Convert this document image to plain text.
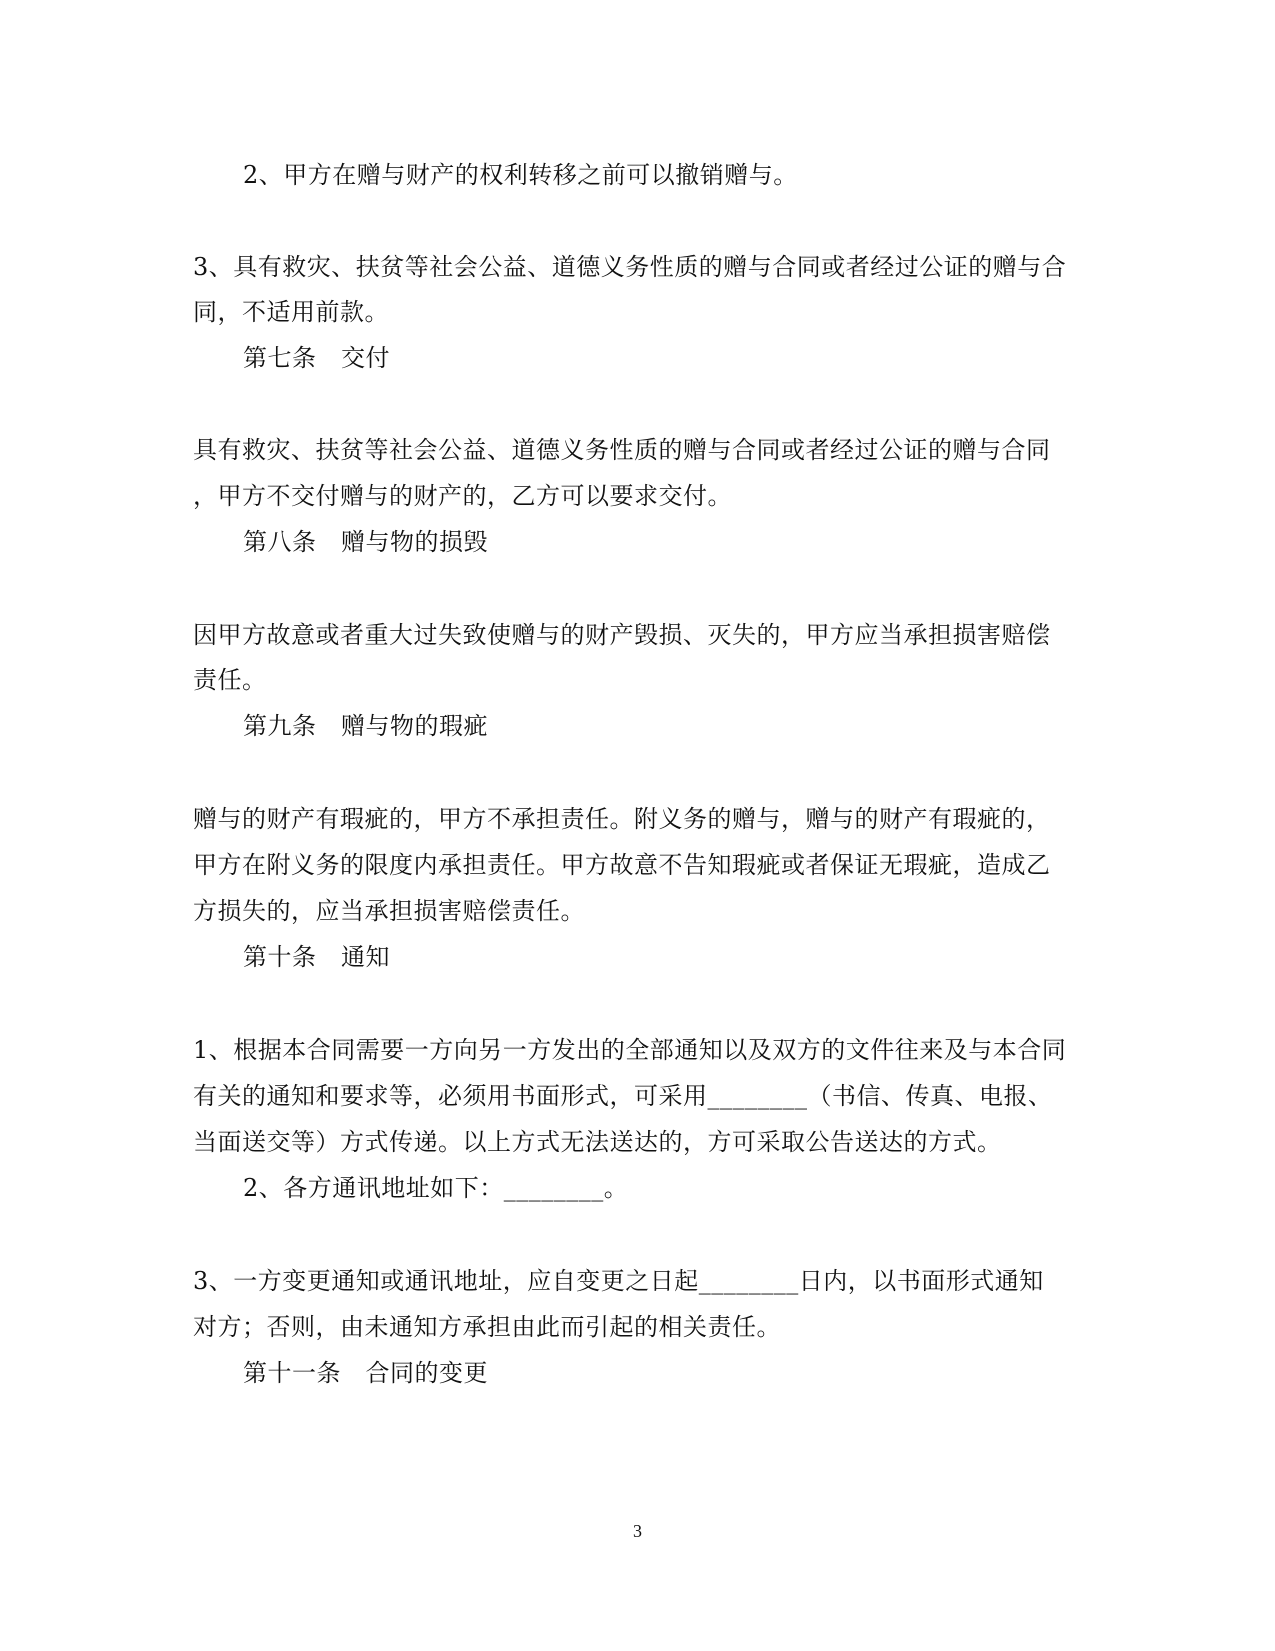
2、甲方在赠与财产的权利转移之前可以撤销赠与。
3、具有救灾、扶贫等社会公益、道德义务性质的赠与合同或者经过公证的赠与合
同，不适用前款。
第七条　交付
具有救灾、扶贫等社会公益、道德义务性质的赠与合同或者经过公证的赠与合同
，甲方不交付赠与的财产的，乙方可以要求交付。
第八条　赠与物的损毁
因甲方故意或者重大过失致使赠与的财产毁损、灭失的，甲方应当承担损害赔偿
责任。
第九条　赠与物的瑕疵
赠与的财产有瑕疵的，甲方不承担责任。附义务的赠与，赠与的财产有瑕疵的，
甲方在附义务的限度内承担责任。甲方故意不告知瑕疵或者保证无瑕疵，造成乙
方损失的，应当承担损害赔偿责任。
第十条　通知
1、根据本合同需要一方向另一方发出的全部通知以及双方的文件往来及与本合同
有关的通知和要求等，必须用书面形式，可采用________（书信、传真、电报、
当面送交等）方式传递。以上方式无法送达的，方可采取公告送达的方式。
2、各方通讯地址如下：________。
3、一方变更通知或通讯地址，应自变更之日起________日内，以书面形式通知
对方；否则，由未通知方承担由此而引起的相关责任。
第十一条　合同的变更
3
